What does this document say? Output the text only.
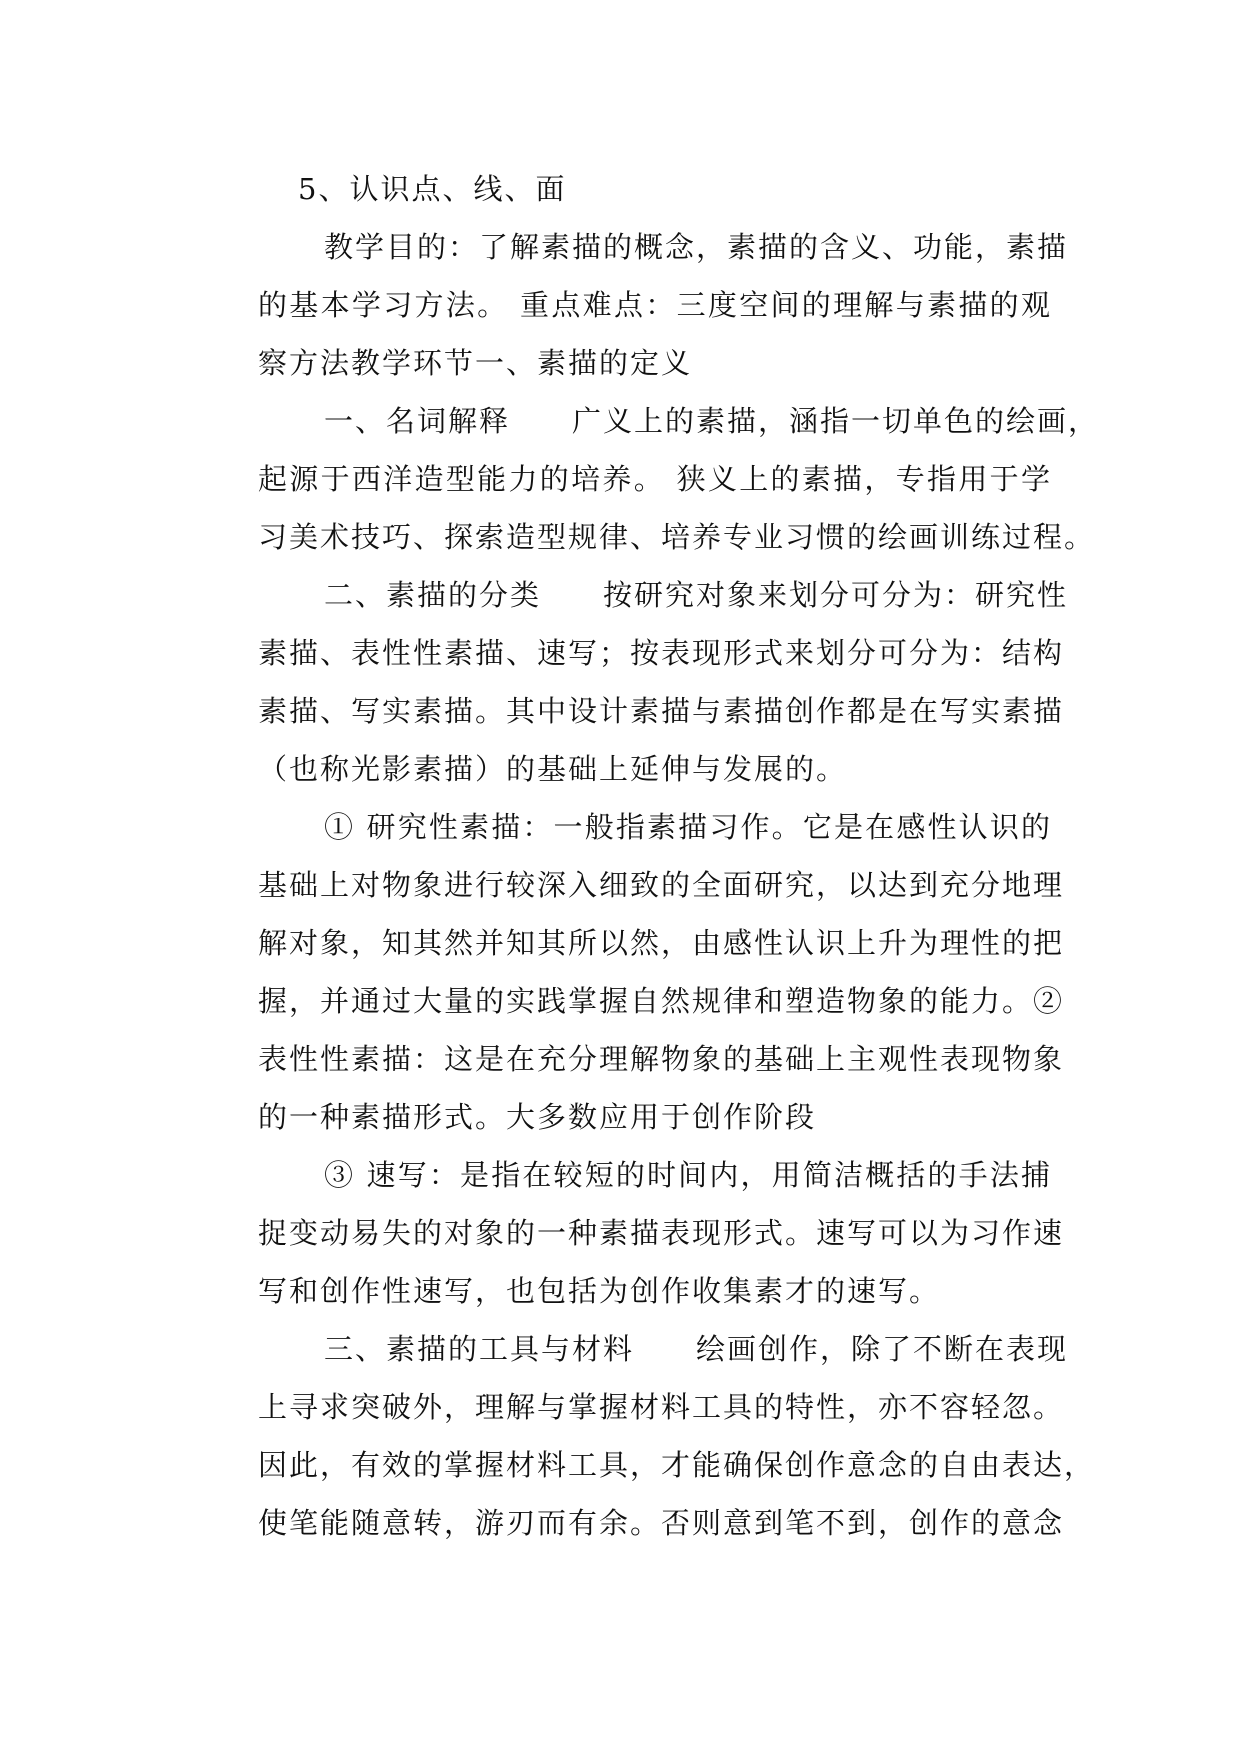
5、认识点、线、面
教学目的：了解素描的概念，素描的含义、功能，素描
的基本学习方法。 重点难点：三度空间的理解与素描的观
察方法教学环节一、素描的定义
一、名词解释　　广义上的素描，涵指一切单色的绘画，
起源于西洋造型能力的培养。 狭义上的素描，专指用于学
习美术技巧、探索造型规律、培养专业习惯的绘画训练过程。
二、素描的分类　　按研究对象来划分可分为：研究性
素描、表性性素描、速写；按表现形式来划分可分为：结构
素描、写实素描。其中设计素描与素描创作都是在写实素描
（也称光影素描）的基础上延伸与发展的。
① 研究性素描：一般指素描习作。它是在感性认识的
基础上对物象进行较深入细致的全面研究，以达到充分地理
解对象，知其然并知其所以然，由感性认识上升为理性的把
握，并通过大量的实践掌握自然规律和塑造物象的能力。②
表性性素描：这是在充分理解物象的基础上主观性表现物象
的一种素描形式。大多数应用于创作阶段
③ 速写：是指在较短的时间内，用简洁概括的手法捕
捉变动易失的对象的一种素描表现形式。速写可以为习作速
写和创作性速写，也包括为创作收集素才的速写。
三、素描的工具与材料　　绘画创作，除了不断在表现
上寻求突破外，理解与掌握材料工具的特性，亦不容轻忽。
因此，有效的掌握材料工具，才能确保创作意念的自由表达，
使笔能随意转，游刃而有余。否则意到笔不到，创作的意念
